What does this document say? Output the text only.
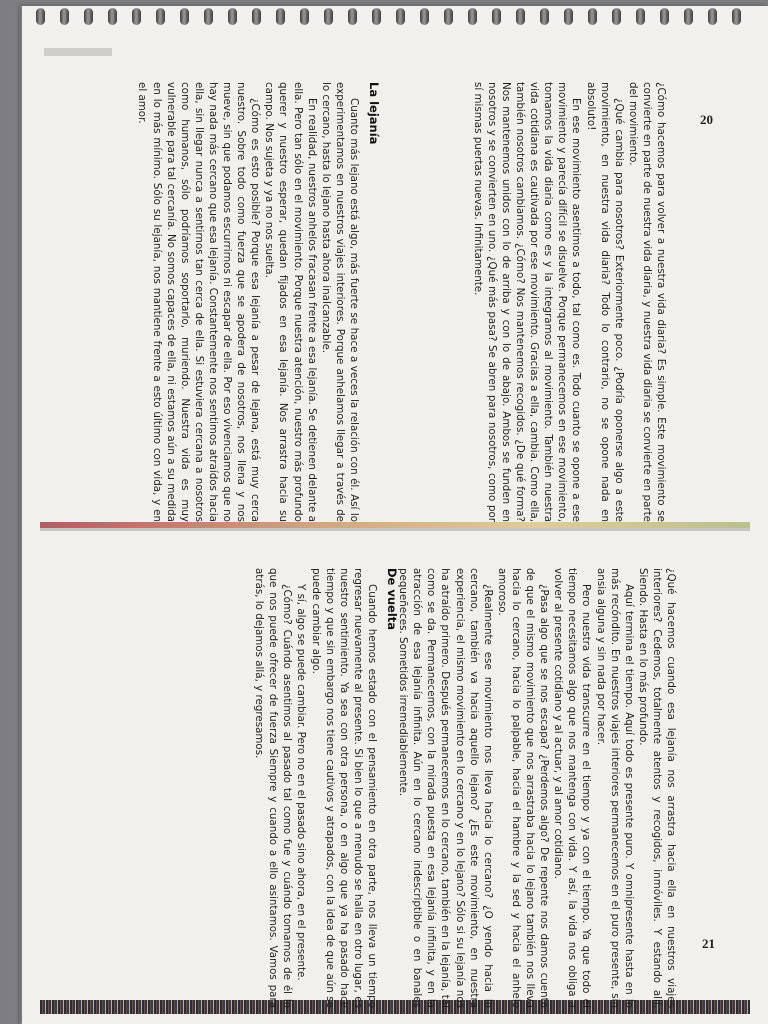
20
21

¿Cómo hacemos para volver a nuestra vida diaria? Es simple. Este movimiento se convierte en parte de nuestra vida diaria, y nuestra vida diaria se convierte en parte del movimiento.

¿Qué cambia para nosotros? Exteriormente poco. ¿Podría oponerse algo a este movimiento, en nuestra vida diaria? Todo lo contrario, no se opone nada en absoluto!

En ese movimiento asentimos a todo, tal como es. Todo cuanto se opone a ese movimiento y parecía difícil se disuelve. Porque permanecemos en ese movimiento, tomamos la vida diaria como es y la integramos al movimiento. También nuestra vida cotidiana es cautivada por ese movimiento. Gracias a ella, cambia. Como ella, también nosotros cambiamos. ¿Cómo? Nos mantenemos recogidos. ¿De qué forma? Nos mantenemos unidos con lo de arriba y con lo de abajo. Ambos se funden en nosotros y se convierten en uno. ¿Qué más pasa? Se abren para nosotros, como por sí mismas puertas nuevas. Infinitamente.

La lejanía

Cuanto más lejano está algo, más fuerte se hace a veces la relación con él. Así lo experimentamos en nuestros viajes interiores. Porque anhelamos llegar a través de lo cercano, hasta lo lejano hasta ahora inalcanzable.

En realidad, nuestros anhelos fracasan frente a esa lejanía. Se detienen delante a ella. Pero tan sólo en el movimiento. Porque nuestra atención, nuestro más profundo querer y nuestro esperar, quedan fijados en esa lejanía. Nos arrastra hacia su campo. Nos sujeta y ya no nos suelta.

¿Cómo es esto posible? Porque esa lejanía a pesar de lejana, está muy cerca nuestro. Sobre todo como fuerza que se apodera de nosotros, nos llena y nos mueve, sin que podamos escurrirnos ni escapar de ella. Por eso vivenciamos que no hay nada más cercano que esa lejanía. Constantemente nos sentimos atraídos hacia ella, sin llegar nunca a sentirnos tan cerca de ella. Si estuviera cercana a nosotros como humanos, sólo podríamos soportarlo, muriendo. Nuestra vida es muy vulnerable para tal cercanía. No somos capaces de ella, ni estamos aún a su medida en lo más mínimo. Sólo su lejanía, nos mantiene frente a esto último con vida, y en el amor.

¿Qué hacemos cuando esa lejanía nos arrastra hacia ella en nuestros viajes interiores? Cedemos, totalmente atentos y recogidos, inmóviles. Y estando allí. Siendo. Hasta en lo más profundo.

Aquí termina el tiempo. Aquí todo es presente puro. Y omnipresente hasta en lo más recóndito. En nuestros viajes interiores permanecemos en el puro presente, sin ansia alguna y sin nada por hacer.

Pero nuestra vida transcurre en el tiempo y ya con el tiempo. Ya que todo el tiempo necesitamos algo que nos mantenga con vida. Y así, la vida nos obliga a volver al presente cotidiano y al actuar, y al amor cotidiano.

¿Pasa algo que se nos escapa? ¿Perdemos algo? De repente nos damos cuenta de que el mismo movimiento que nos arrastraba hacia lo lejano también nos lleva hacia lo cercano, hacia lo palpable, hacia el hambre y la sed y hacia el anhelo amoroso.

¿Realmente ese movimiento nos lleva hacia lo cercano? ¿O yendo hacia lo cercano, también va hacia aquello lejano? ¿Es este movimiento, en nuestra experiencia, el mismo movimiento en lo cercano y en lo lejano? Sólo si su lejanía nos ha atraído primero. Después permanecemos en lo cercano, también en la lejanía, tal como se da. Permanecemos, con la mirada puesta en esa lejanía infinita, y en la atracción de esa lejanía infinita. Aún en lo cercano indescriptible o en banales pequeñeces. Sometidos irremediablemente.

De vuelta

Cuando hemos estado con el pensamiento en otra parte, nos lleva un tiempo regresar nuevamente al presente. Si bien lo que a menudo se halla en otro lugar, es nuestro sentimiento. Ya sea con otra persona, o en algo que ya ha pasado hace tiempo y que sin embargo nos tiene cautivos y atrapados, con la idea de que aún se puede cambiar algo.

Y sí, algo se puede cambiar. Pero no en el pasado sino ahora, en el presente.

¿Cómo? Cuándo asentimos al pasado tal como fue y cuándo tomamos de él lo que nos puede ofrecer de fuerza Siempre y cuando a ello asintamos. Vamos para atrás, lo dejamos allá, y regresamos.
